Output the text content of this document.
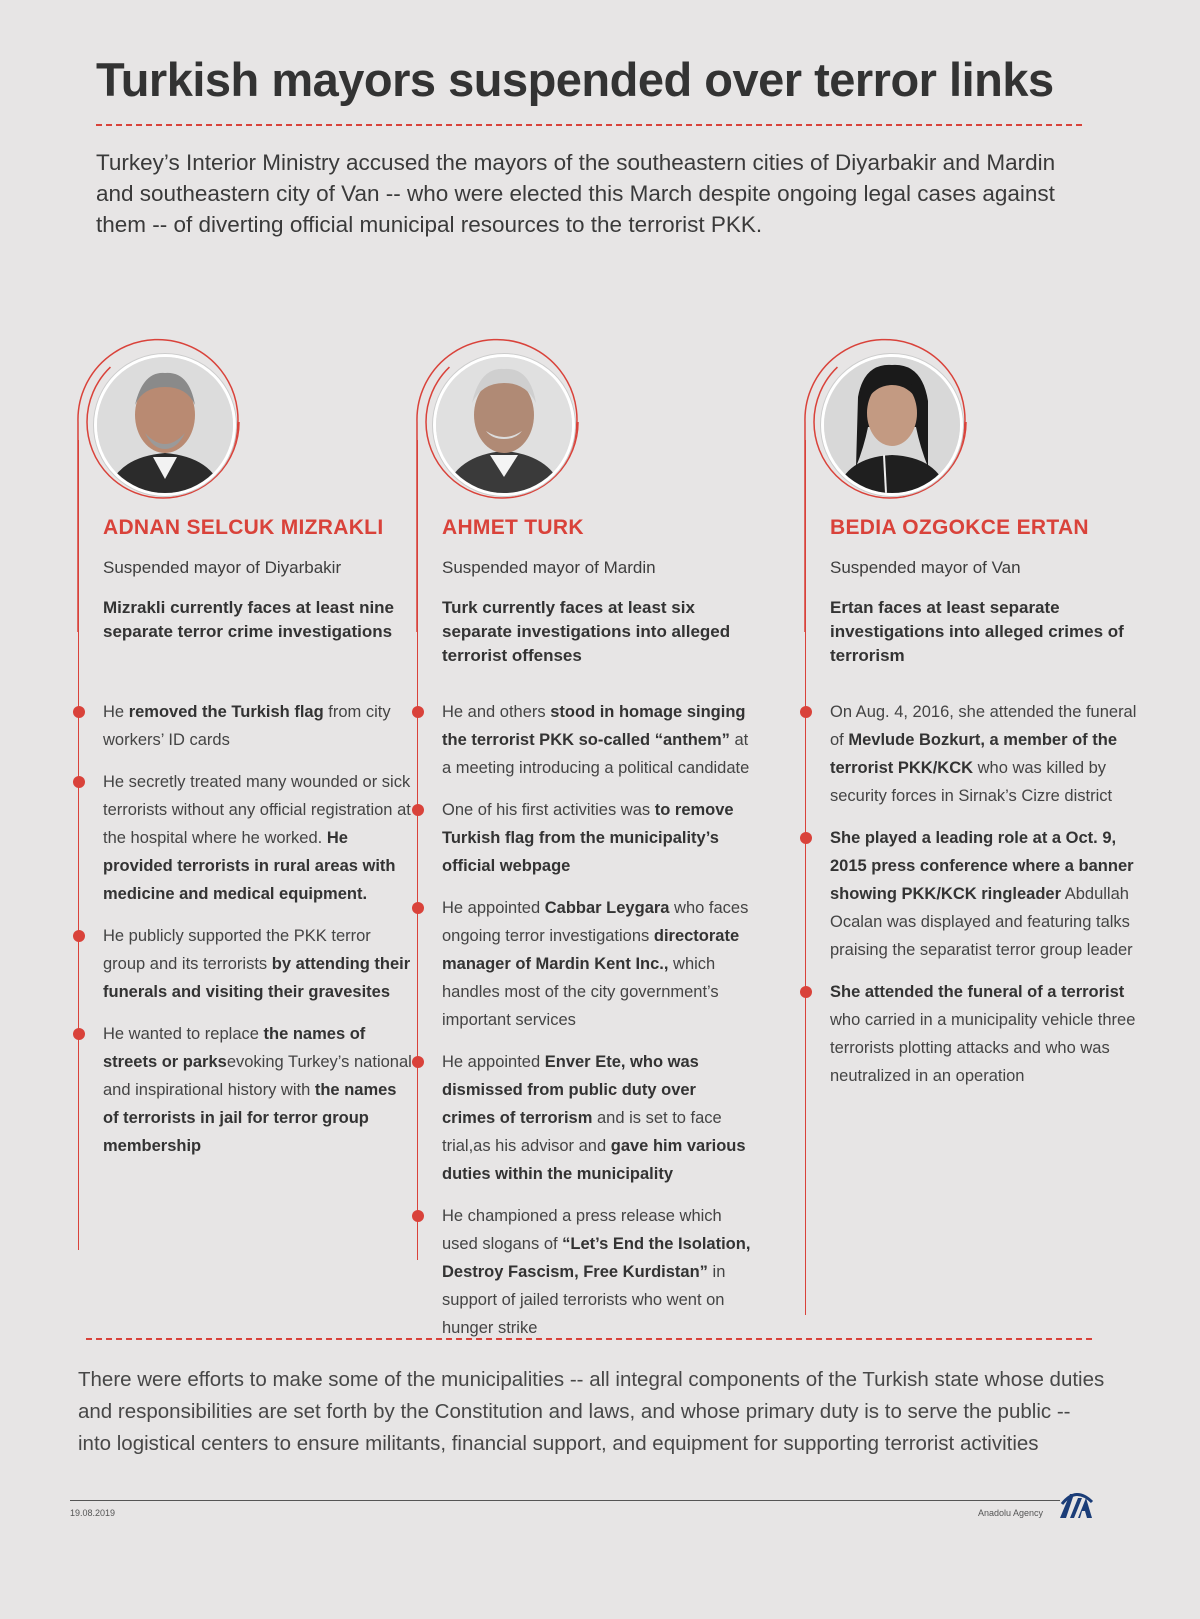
Turkish mayors suspended over terror links
Turkey’s Interior Ministry accused the mayors of the southeastern cities of Diyarbakir and Mardin and southeastern city of Van -- who were elected this March despite ongoing legal cases against them -- of diverting official municipal resources to the terrorist PKK.
ADNAN SELCUK MIZRAKLI
Suspended mayor of Diyarbakir
Mizrakli currently faces at least nine separate terror crime investigations
He removed the Turkish flag from city workers’ ID cards
He secretly treated many wounded or sick terrorists without any official registration at the hospital where he worked. He provided terrorists in rural areas with medicine and medical equipment.
He publicly supported the PKK terror group and its terrorists by attending their funerals and visiting their gravesites
He wanted to replace the names of streets or parksevoking Turkey’s national and inspirational history with the names of terrorists in jail for terror group membership
AHMET TURK
Suspended mayor of Mardin
Turk currently faces at least six separate investigations into alleged terrorist offenses
He and others stood in homage singing the terrorist PKK so-called “anthem” at a meeting introducing a political candidate
One of his first activities was to remove Turkish flag from the municipality’s official webpage
He appointed Cabbar Leygara who faces ongoing terror investigations directorate manager of Mardin Kent Inc., which handles most of the city government’s important services
He appointed Enver Ete, who was dismissed from public duty over crimes of terrorism and is set to face trial,as his advisor and gave him various duties within the municipality
He championed a press release which used slogans of “Let’s End the Isolation, Destroy Fascism, Free Kurdistan” in support of jailed terrorists who went on hunger strike
BEDIA OZGOKCE ERTAN
Suspended mayor of Van
Ertan faces at least separate investigations into alleged crimes of terrorism
On Aug. 4, 2016, she attended the funeral of Mevlude Bozkurt, a member of the terrorist PKK/KCK who was killed by security forces in Sirnak’s Cizre district
She played a leading role at a Oct. 9, 2015 press conference where a banner showing PKK/KCK ringleader Abdullah Ocalan was displayed and featuring talks praising the separatist terror group leader
She attended the funeral of a terrorist who carried in a municipality vehicle three terrorists plotting attacks and who was neutralized in an operation
There were efforts to make some of the municipalities -- all integral components of the Turkish state whose duties and responsibilities are set forth by the Constitution and laws, and whose primary duty is to serve the public -- into logistical centers to ensure militants, financial support, and equipment for supporting terrorist activities
19.08.2019	Anadolu Agency
